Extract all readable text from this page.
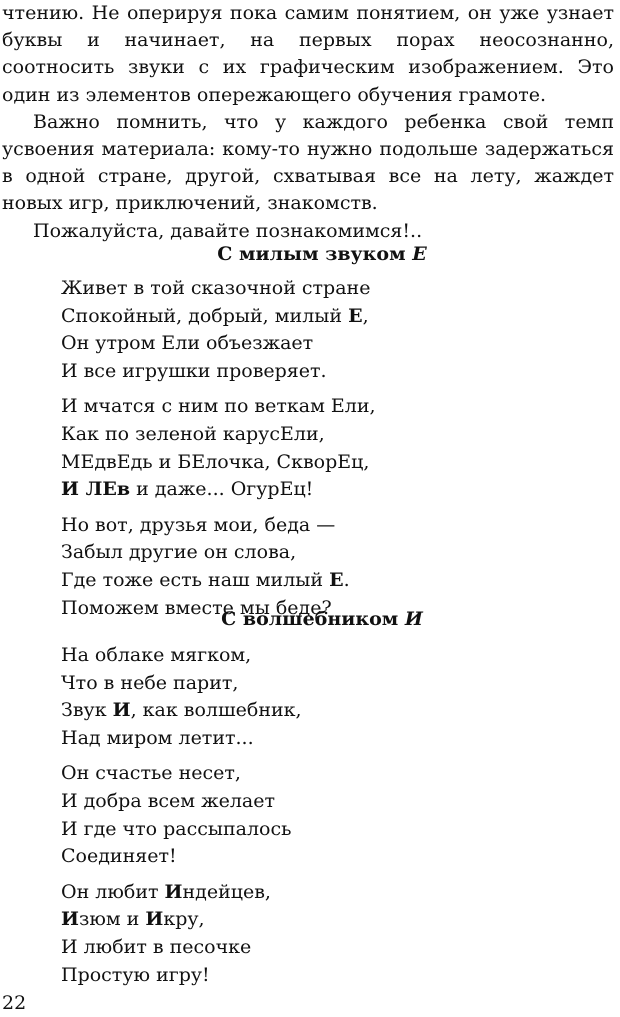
чтению. Не оперируя пока самим понятием, он уже узнает буквы и начинает, на первых порах неосознанно, соотносить звуки с их графическим изображением. Это один из элементов опережающего обучения грамоте.

Важно помнить, что у каждого ребенка свой темп усвоения материала: кому-то нужно подольше задержаться в одной стране, другой, схватывая все на лету, жаждет новых игр, приключений, знакомств.

Пожалуйста, давайте познакомимся!..

С милым звуком Е
Живет в той сказочной стране
Спокойный, добрый, милый Е,
Он утром Ели объезжает
И все игрушки проверяет.
И мчатся с ним по веткам Ели,
Как по зеленой карусЕли,
МЕдвЕдь и БЕлочка, СкворЕц,
И ЛЕв и даже... ОгурЕц!
Но вот, друзья мои, беда —
Забыл другие он слова,
Где тоже есть наш милый Е.
Поможем вместе мы беде?
С волшебником И
На облаке мягком,
Что в небе парит,
Звук И, как волшебник,
Над миром летит...
Он счастье несет,
И добра всем желает
И где что рассыпалось
Соединяет!
Он любит Индейцев,
Изюм и Икру,
И любит в песочке
Простую игру!
22
